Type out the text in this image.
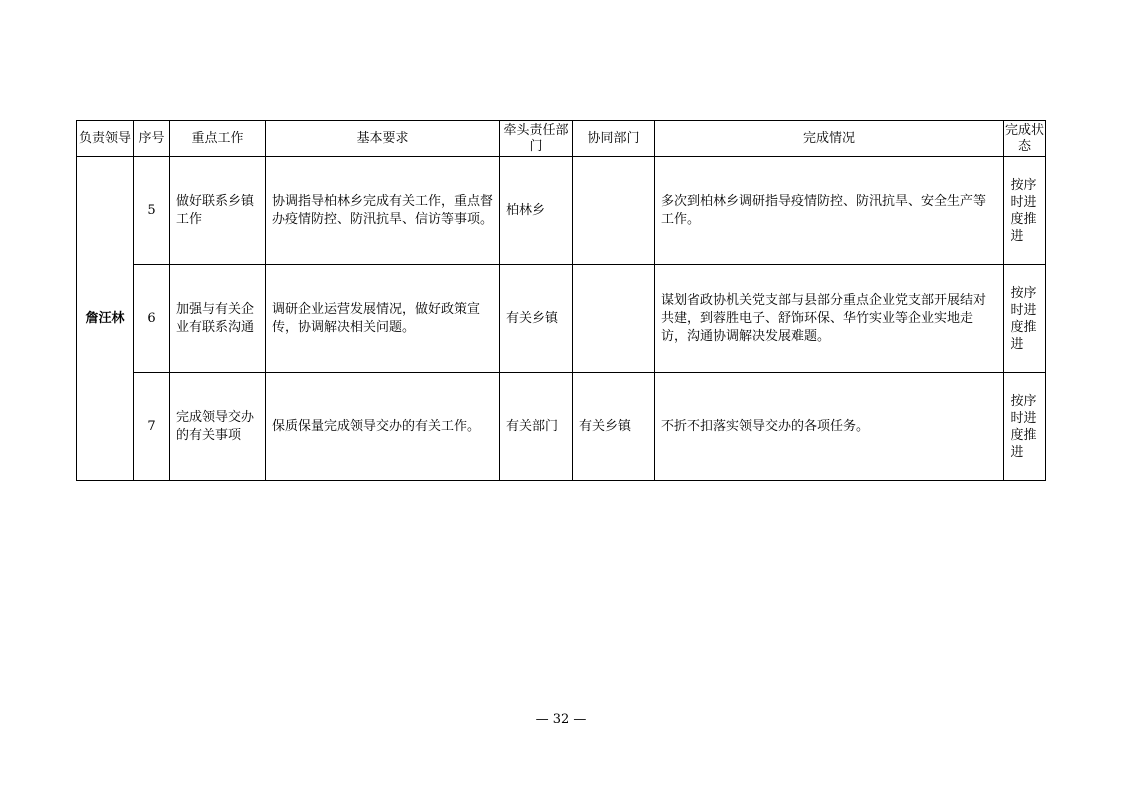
负责领导	序号	重点工作	基本要求	牵头责任部门	协同部门	完成情况	完成状态
詹汪林	5	做好联系乡镇工作	协调指导柏林乡完成有关工作，重点督办疫情防控、防汛抗旱、信访等事项。	柏林乡		多次到柏林乡调研指导疫情防控、防汛抗旱、安全生产等工作。	按序时进度推进
	6	加强与有关企业有联系沟通	调研企业运营发展情况，做好政策宣传，协调解决相关问题。	有关乡镇		谋划省政协机关党支部与县部分重点企业党支部开展结对共建，到蓉胜电子、舒饰环保、华竹实业等企业实地走访，沟通协调解决发展难题。	按序时进度推进
	7	完成领导交办的有关事项	保质保量完成领导交办的有关工作。	有关部门	有关乡镇	不折不扣落实领导交办的各项任务。	按序时进度推进
— 32 —
